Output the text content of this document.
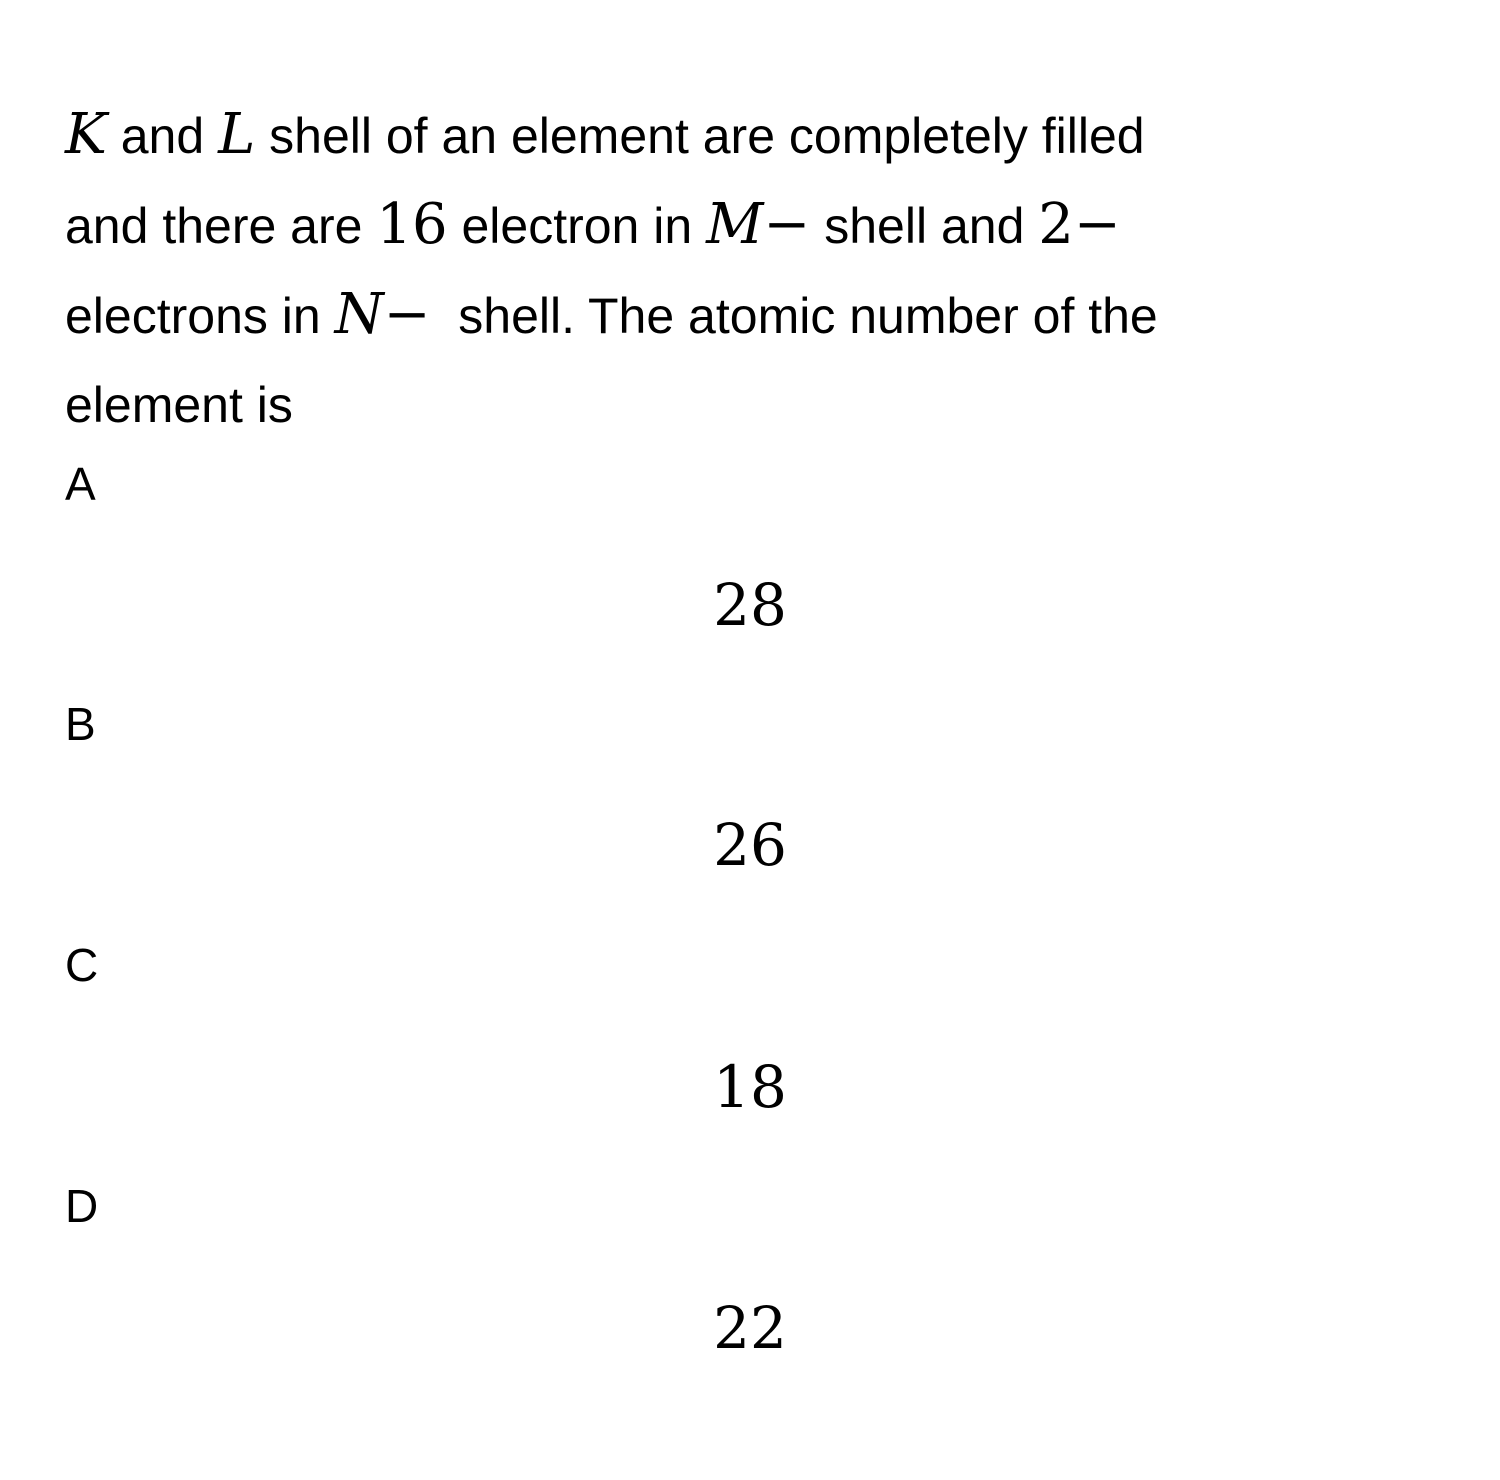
K and L shell of an element are completely filled
and there are 16 electron in M− shell and 2−
electrons in N−  shell. The atomic number of the
element is
A
28
B
26
C
18
D
22
